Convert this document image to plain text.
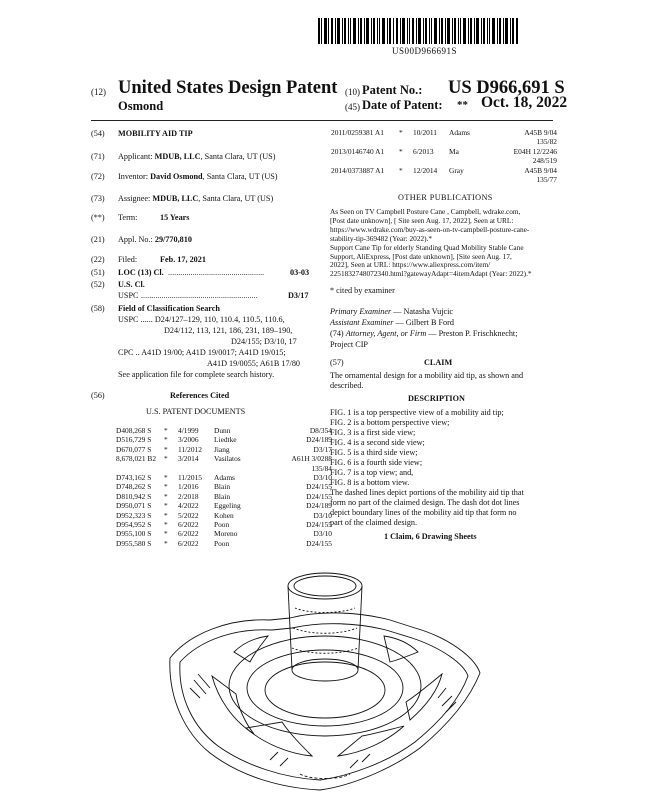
US00D966691S
(12) United States Design Patent (10) Patent No.: US D966,691 S
Osmond	(45) Date of Patent: ** Oct. 18, 2022
(54) MOBILITY AID TIP
(71) Applicant: MDUB, LLC, Santa Clara, UT (US)
(72) Inventor: David Osmond, Santa Clara, UT (US)
(73) Assignee: MDUB, LLC, Santa Clara, UT (US)
(**) Term:	15 Years
(21) Appl. No.: 29/770,810
(22) Filed:	Feb. 17, 2021
(51) LOC (13) Cl. ...............................................	03-03
(52) U.S. Cl.
USPC .........................................................	D3/17
(58) Field of Classification Search
USPC ...... D24/127–129, 110, 110.4, 110.5, 110.6,
D24/112, 113, 121, 186, 231, 189–190,
D24/155; D3/10, 17
CPC .. A41D 19/00; A41D 19/0017; A41D 19/015;
A41D 19/0055; A61B 17/80
See application file for complete search history.
(56)	References Cited
U.S. PATENT DOCUMENTS
D408,268 S	*	4/1999	Dunn	D8/354
D516,729 S	*	3/2006	Liedtke	D24/189
D670,077 S	*	11/2012	Jiang	D3/17
8,678,021 B2	*	3/2014	Vasilatos	A61H 3/0288
				135/84
D743,162 S	*	11/2015	Adams	D3/10
D748,262 S	*	1/2016	Blain	D24/155
D810,942 S	*	2/2018	Blain	D24/155
D950,071 S	*	4/2022	Eggeling	D24/189
D952,323 S	*	5/2022	Kohen	D3/10
D954,952 S	*	6/2022	Poon	D24/155
D955,100 S	*	6/2022	Moreno	D3/10
D955,580 S	*	6/2022	Poon	D24/155
2011/0259381 A1	*	10/2011	Adams	A45B 9/04
				135/82
2013/0146740 A1	*	6/2013	Ma	E04H 12/2246
				248/519
2014/0373887 A1	*	12/2014	Gray	A45B 9/04
				135/77
OTHER PUBLICATIONS
As Seen on TV Campbell Posture Cane , Campbell, wdrake.com,
[Post date unknown], [ Site seen Aug. 17, 2022], Seen at URL:
https://www.wdrake.com/buy-as-seen-on-tv-campbell-posture-cane-
stability-tip-369482 (Year: 2022).*
Support Cane Tip for elderly Standing Quad Mobility Stable Cane
Support, AliExpress, [Post date unknown], [Site seen Aug. 17,
2022], Seen at URL: https://www.aliexpress.com/item/
2251832748072340.html?gatewayAdapt=4itemAdapt (Year: 2022).*
* cited by examiner
Primary Examiner — Natasha Vujcic
Assistant Examiner — Gilbert B Ford
(74) Attorney, Agent, or Firm — Preston P. Frischknecht;
Project CIP
(57)	CLAIM
The ornamental design for a mobility aid tip, as shown and
described.
DESCRIPTION
FIG. 1 is a top perspective view of a mobility aid tip;
FIG. 2 is a bottom perspective view;
FIG. 3 is a first side view;
FIG. 4 is a second side view;
FIG. 5 is a third side view;
FIG. 6 is a fourth side view;
FIG. 7 is a top view; and,
FIG. 8 is a bottom view.
The dashed lines depict portions of the mobility aid tip that
form no part of the claimed design. The dash dot dot lines
depict boundary lines of the mobility aid tip that form no
part of the claimed design.
1 Claim, 6 Drawing Sheets
